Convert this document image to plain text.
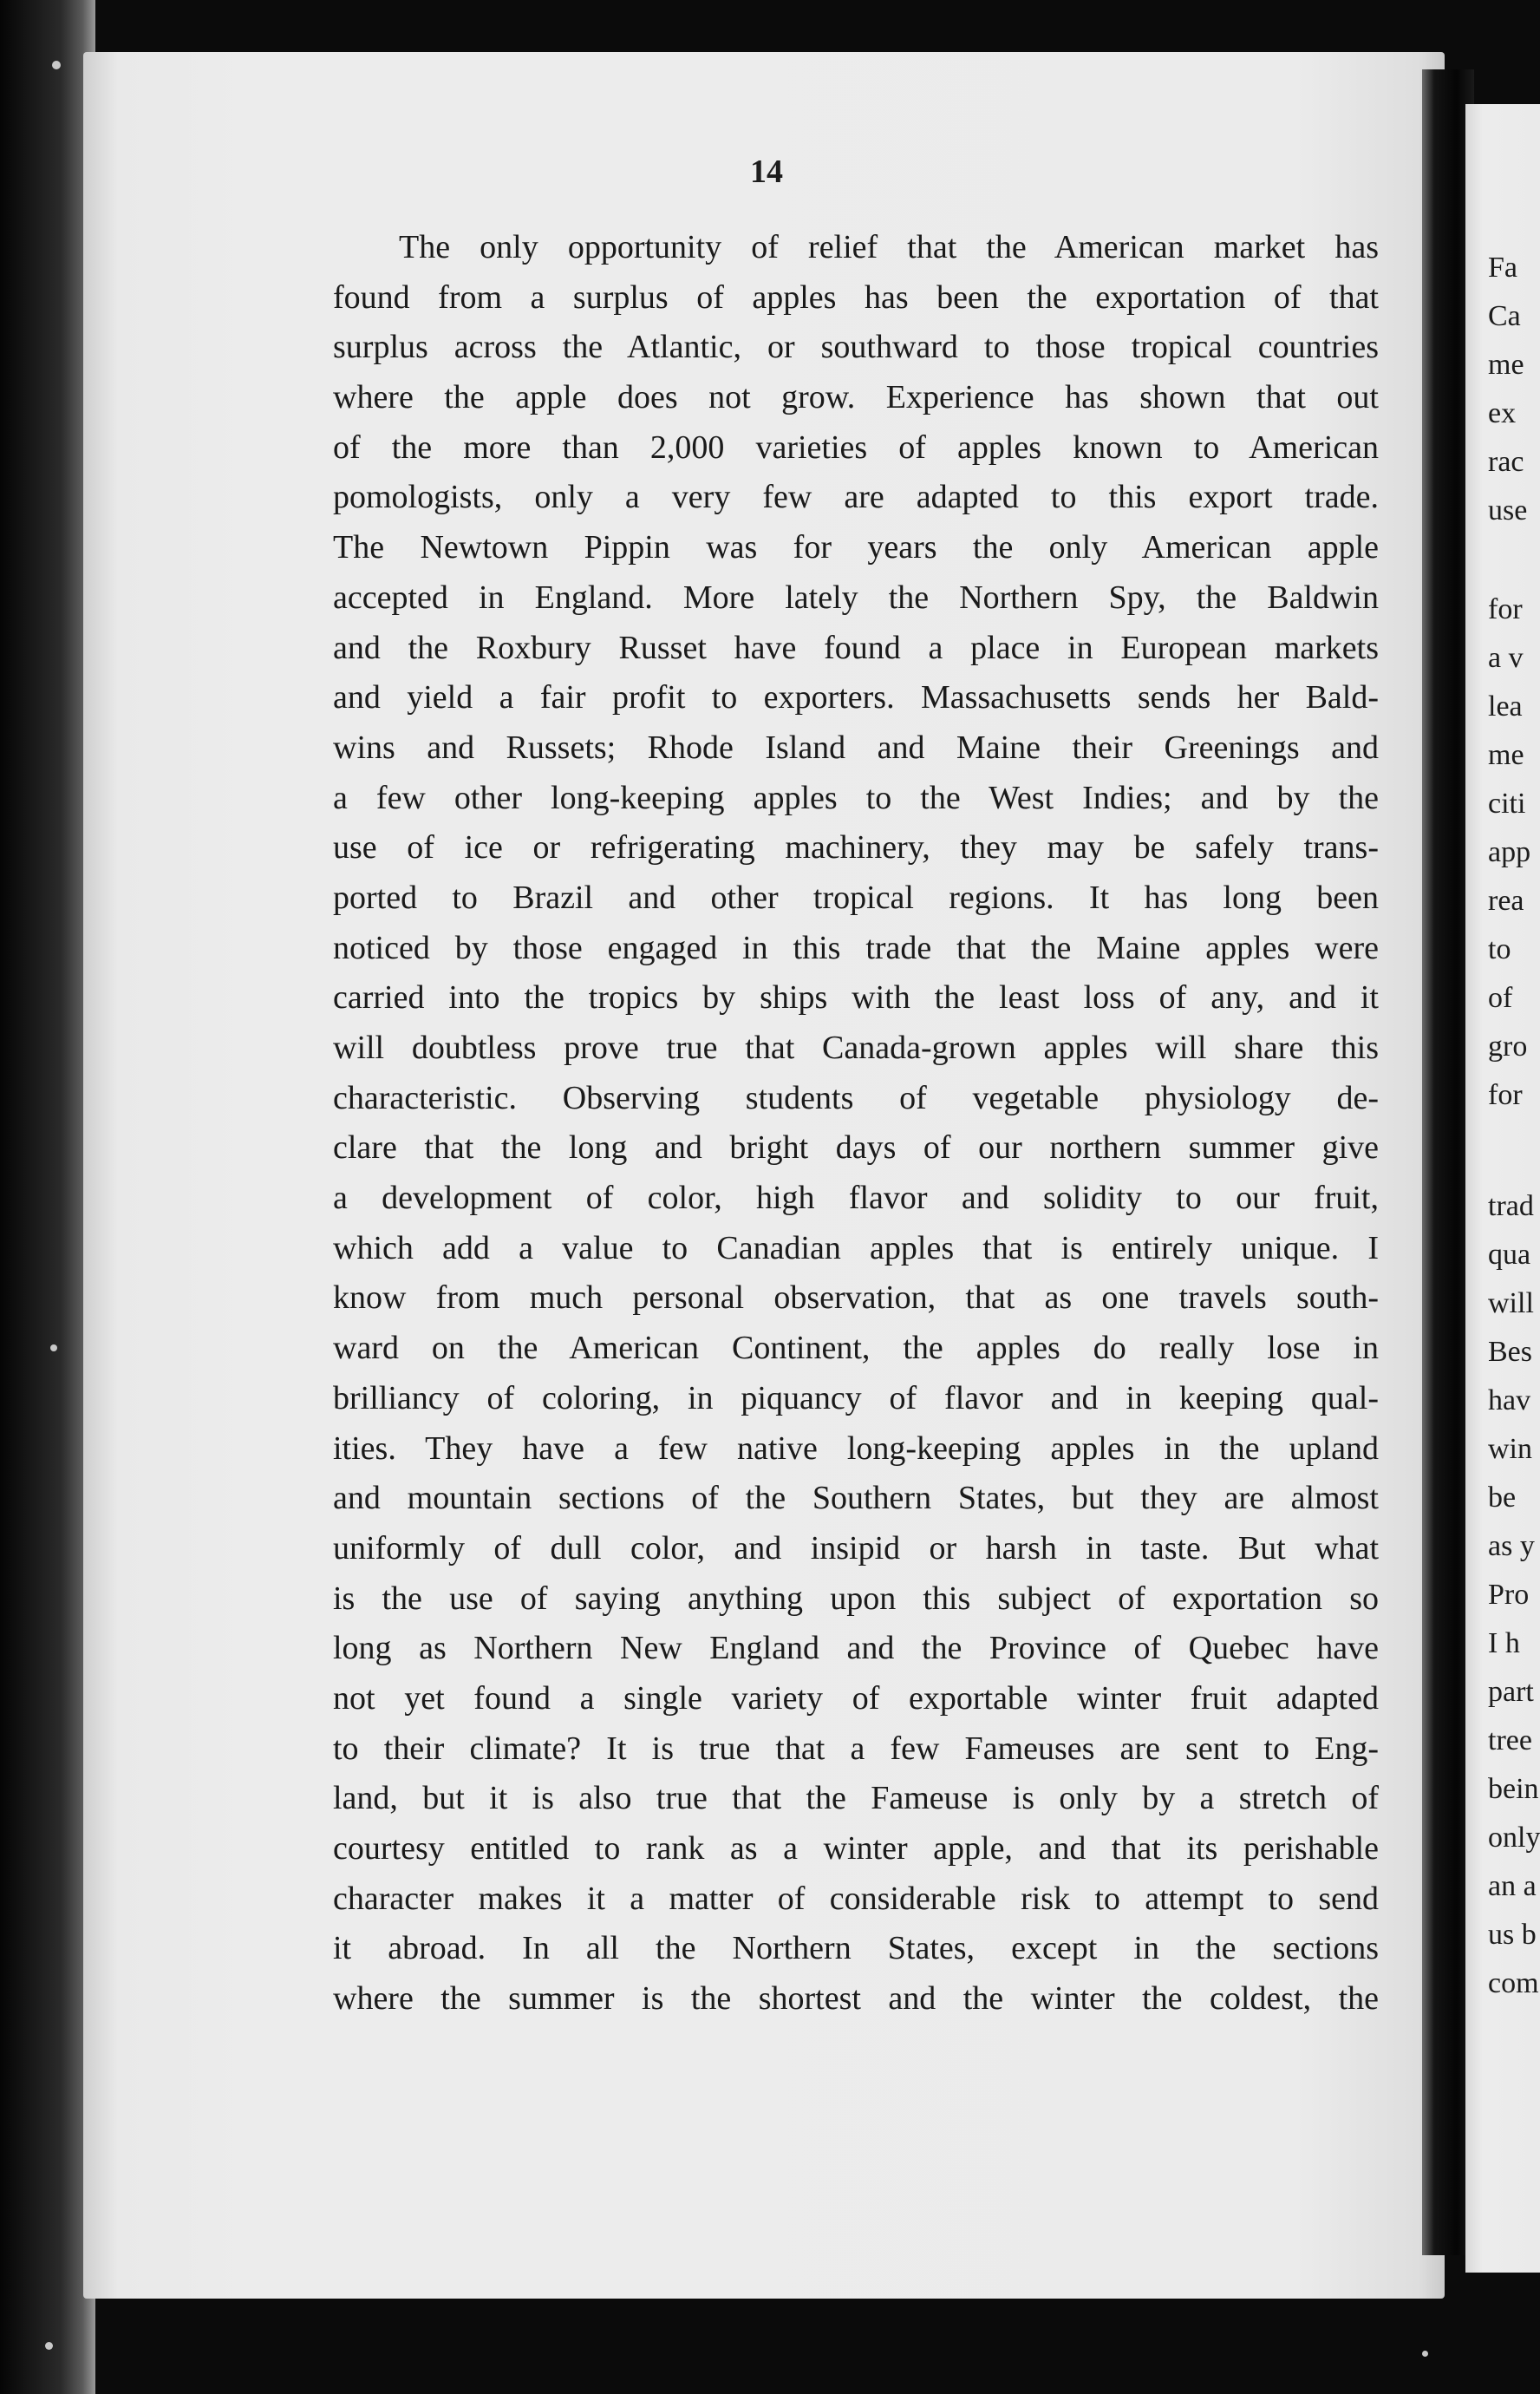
Fa
Ca
me
ex
rac
use
for
a v
lea
me
citi
app
rea
to
of
gro
for
trad
qua
will
Bes
hav
win
be
as y
Pro
I h
part
tree
bein
only
an a
us b
com
14
The only opportunity of relief that the American market has
found from a surplus of apples has been the exportation of that
surplus across the Atlantic, or southward to those tropical countries
where the apple does not grow. Experience has shown that out
of the more than 2,000 varieties of apples known to American
pomologists, only a very few are adapted to this export trade.
The Newtown Pippin was for years the only American apple
accepted in England. More lately the Northern Spy, the Baldwin
and the Roxbury Russet have found a place in European markets
and yield a fair profit to exporters. Massachusetts sends her Bald-
wins and Russets; Rhode Island and Maine their Greenings and
a few other long-keeping apples to the West Indies; and by the
use of ice or refrigerating machinery, they may be safely trans-
ported to Brazil and other tropical regions. It has long been
noticed by those engaged in this trade that the Maine apples were
carried into the tropics by ships with the least loss of any, and it
will doubtless prove true that Canada-grown apples will share this
characteristic. Observing students of vegetable physiology de-
clare that the long and bright days of our northern summer give
a development of color, high flavor and solidity to our fruit,
which add a value to Canadian apples that is entirely unique. I
know from much personal observation, that as one travels south-
ward on the American Continent, the apples do really lose in
brilliancy of coloring, in piquancy of flavor and in keeping qual-
ities. They have a few native long-keeping apples in the upland
and mountain sections of the Southern States, but they are almost
uniformly of dull color, and insipid or harsh in taste. But what
is the use of saying anything upon this subject of exportation so
long as Northern New England and the Province of Quebec have
not yet found a single variety of exportable winter fruit adapted
to their climate? It is true that a few Fameuses are sent to Eng-
land, but it is also true that the Fameuse is only by a stretch of
courtesy entitled to rank as a winter apple, and that its perishable
character makes it a matter of considerable risk to attempt to send
it abroad. In all the Northern States, except in the sections
where the summer is the shortest and the winter the coldest, the
